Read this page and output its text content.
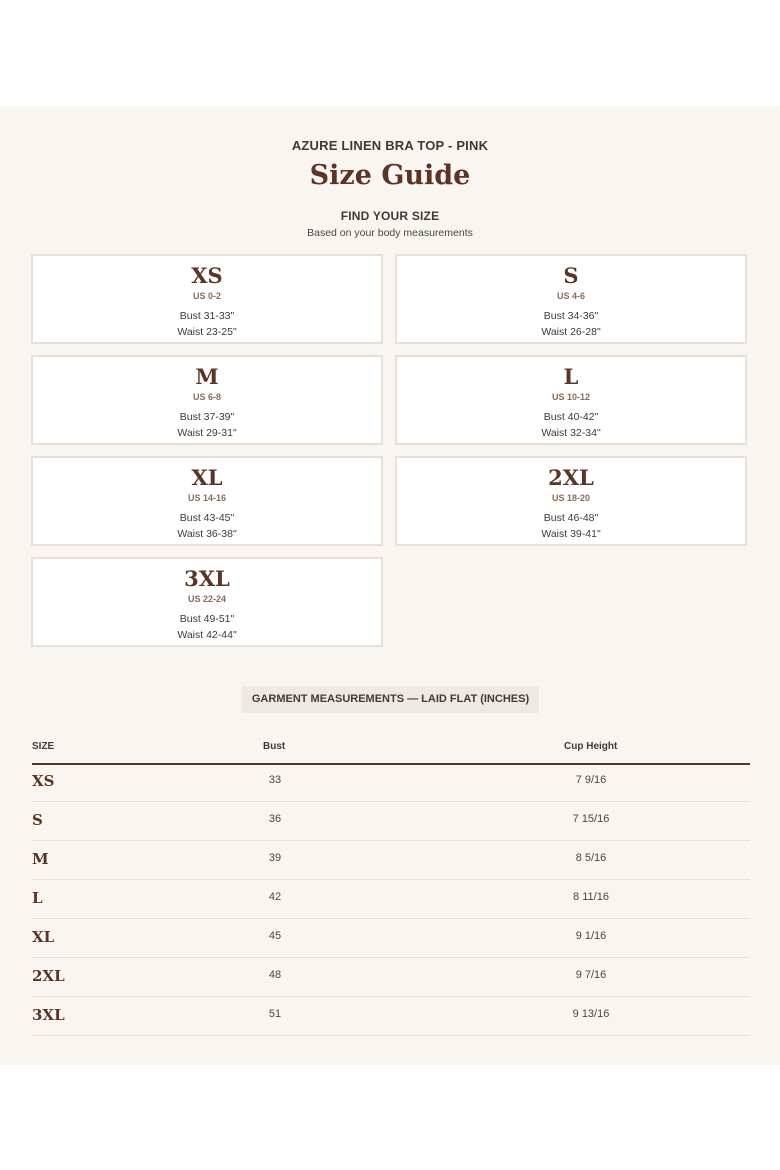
AZURE LINEN BRA TOP - PINK
Size Guide
FIND YOUR SIZE
Based on your body measurements
XS
US 0-2
Bust 31-33"
Waist 23-25"
S
US 4-6
Bust 34-36"
Waist 26-28"
M
US 6-8
Bust 37-39"
Waist 29-31"
L
US 10-12
Bust 40-42"
Waist 32-34"
XL
US 14-16
Bust 43-45"
Waist 36-38"
2XL
US 18-20
Bust 46-48"
Waist 39-41"
3XL
US 22-24
Bust 49-51"
Waist 42-44"
GARMENT MEASUREMENTS — LAID FLAT (INCHES)
SIZE	Bust	Cup Height
XS	33	7 9/16
S	36	7 15/16
M	39	8 5/16
L	42	8 11/16
XL	45	9 1/16
2XL	48	9 7/16
3XL	51	9 13/16
